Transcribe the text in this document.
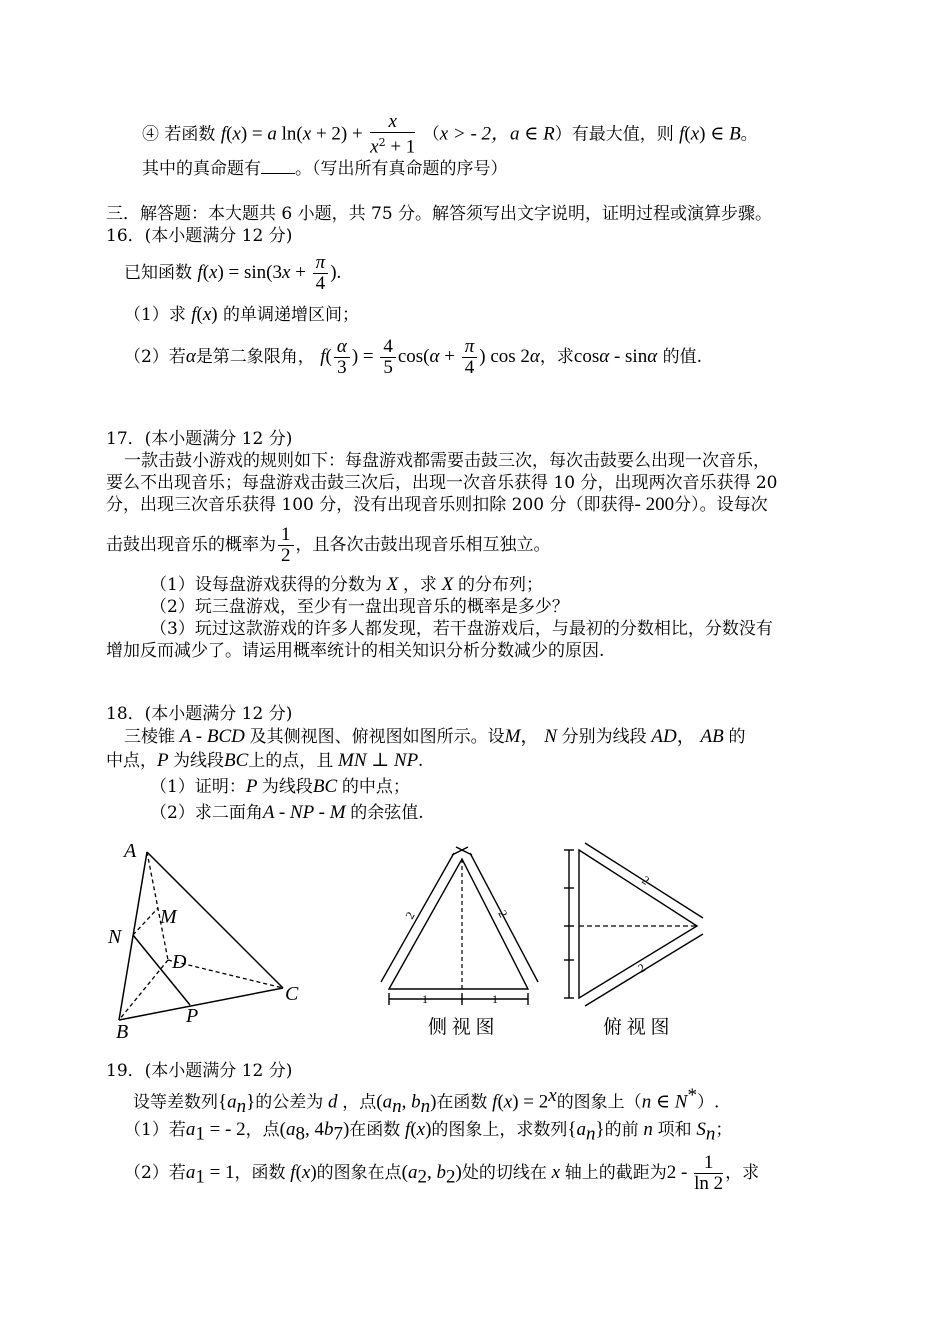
④ 若函数 f(x) = a $\ln(x + 2) + \frac{x}{x^2 + 1} (x$ > - 2，a ∈ R）有最大值，则 f(x) ∈ B。
其中的真命题有 。（写出所有真命题的序号）
三．解答题：本大题共 6 小题，共 75 分。解答须写出文字说明，证明过程或演算步骤。
16．(本小题满分 12 分)
已知函数 $f(x) = \sin(3x + \frac{\pi}{4}$ ).
（1）求 f(x) 的单调递增区间；
（2）若α是第二象限角， $f( \frac{\alpha}{3}$ ) = $\frac{4}{5} \cos(\alpha + \frac{\pi}{4}$ ) cos 2α，求cosα - sinα 的值.
17．(本小题满分 12 分)
一款击鼓小游戏的规则如下：每盘游戏都需要击鼓三次，每次击鼓要么出现一次音乐，
要么不出现音乐；每盘游戏击鼓三次后，出现一次音乐获得 10 分，出现两次音乐获得 20
分，出现三次音乐获得 100 分，没有出现音乐则扣除 200 分（即获得- 200分）。设每次
击鼓出现音乐的概率为 $\frac{1}{2}$ ，且各次击鼓出现音乐相互独立。
（1）设每盘游戏获得的分数为 X ，求 X 的分布列；
（2）玩三盘游戏，至少有一盘出现音乐的概率是多少？
（3）玩过这款游戏的许多人都发现，若干盘游戏后，与最初的分数相比，分数没有
增加反而减少了。请运用概率统计的相关知识分析分数减少的原因.
18．(本小题满分 12 分)
三棱锥 A - BCD 及其侧视图、俯视图如图所示。设M， N 分别为线段 AD， AB 的
中点，P 为线段BC上的点，且 MN ⊥ NP.
（1）证明：P 为线段BC 的中点；
（2）求二面角A - NP - M 的余弦值.
A
M
N
D
C
B
P
2	2
1	1
侧 视 图
2
2
俯 视 图
19．(本小题满分 12 分)
设等差数列$\{a_n\}$的公差为 d ，点($a_n$, $b_n$)在函数 $f(x) = 2^x$的图象上（n ∈ N*）.
（1）若$a_1$ = - 2，点($a_8$, $4b_7$)在函数 f(x)的图象上，求数列$\{a_n\}$的前 n 项和 $S_n$；
（2）若$a_1 = 1$，函数 f(x)的图象在点($a_2$, $b_2$)处的切线在 x 轴上的截距为$2 - \frac{1}{\ln 2}$ ，求
